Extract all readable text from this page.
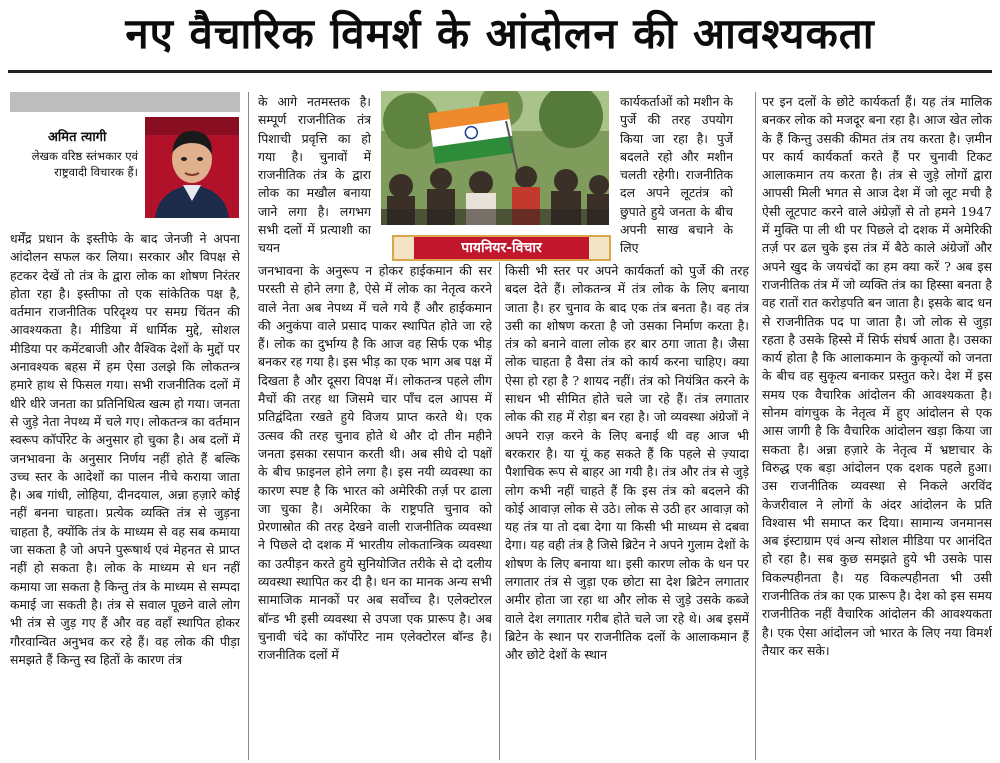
नए वैचारिक विमर्श के आंदोलन की आवश्यकता
अमित त्यागी
लेखक वरिष्ठ स्तंभकार एवं राष्ट्रवादी विचारक हैं।
पायनियर-विचार

धर्मेंद्र प्रधान के इस्तीफे के बाद जेनजी ने अपना आंदोलन सफल कर लिया। सरकार और विपक्ष से हटकर देखें तो तंत्र के द्वारा लोक का शोषण निरंतर होता रहा है। इस्तीफा तो एक सांकेतिक पक्ष है, वर्तमान राजनीतिक परिदृश्य पर समग्र चिंतन की आवश्यकता है। मीडिया में धार्मिक मुद्दे, सोशल मीडिया पर कमेंटबाजी और वैश्विक देशों के मुद्दों पर अनावश्यक बहस में हम ऐसा उलझे कि लोकतन्त्र हमारे हाथ से फिसल गया। सभी राजनीतिक दलों में धीरे धीरे जनता का प्रतिनिधित्व खत्म हो गया। जनता से जुड़े नेता नेपथ्य में चले गए। लोकतन्त्र का वर्तमान स्वरूप कॉर्पोरेट के अनुसार हो चुका है। अब दलों में जनभावना के अनुसार निर्णय नहीं होते हैं बल्कि उच्च स्तर के आदेशों का पालन नीचे कराया जाता है। अब गांधी, लोहिया, दीनदयाल, अन्ना हज़ारे कोई नहीं बनना चाहता। प्रत्येक व्यक्ति तंत्र से जुड़ना चाहता है, क्योंकि तंत्र के माध्यम से वह सब कमाया जा सकता है जो अपने पुरूषार्थ एवं मेहनत से प्राप्त नहीं हो सकता है। लोक के माध्यम से धन नहीं कमाया जा सकता है किन्तु तंत्र के माध्यम से सम्पदा कमाई जा सकती है। तंत्र से सवाल पूछने वाले लोग भी तंत्र से जुड़ गए हैं और वह वहाँ स्थापित होकर गौरवान्वित अनुभव कर रहे हैं। वह लोक की पीड़ा समझते हैं किन्तु स्व हितों के कारण तंत्र

के आगे नतमस्तक है। सम्पूर्ण राजनीतिक तंत्र पिशाची प्रवृत्ति का हो गया है। चुनावों में राजनीतिक तंत्र के द्वारा लोक का मखौल बनाया जाने लगा है। लगभग सभी दलों में प्रत्याशी का चयन

जनभावना के अनुरूप न होकर हाईकमान की सर परस्ती से होने लगा है, ऐसे में लोक का नेतृत्व करने वाले नेता अब नेपथ्य में चले गये हैं और हाईकमान की अनुकंपा वाले प्रसाद पाकर स्थापित होते जा रहे हैं। लोक का दुर्भाग्य है कि आज वह सिर्फ एक भीड़ बनकर रह गया है। इस भीड़ का एक भाग अब पक्ष में दिखता है और दूसरा विपक्ष में। लोकतन्त्र पहले लीग मैचों की तरह था जिसमे चार पाँच दल आपस में प्रतिद्वंदिता रखते हुये विजय प्राप्त करते थे। एक उत्सव की तरह चुनाव होते थे और दो तीन महीने जनता इसका रसपान करती थी। अब सीधे दो पक्षों के बीच फ़ाइनल होने लगा है। इस नयी व्यवस्था का कारण स्पष्ट है कि भारत को अमेरिकी तर्ज़ पर ढाला जा चुका है। अमेरिका के राष्ट्रपति चुनाव को प्रेरणास्रोत की तरह देखने वाली राजनीतिक व्यवस्था ने पिछले दो दशक में भारतीय लोकतान्त्रिक व्यवस्था का उत्पीड़न करते हुये सुनियोजित तरीके से दो दलीय व्यवस्था स्थापित कर दी है। धन का मानक अन्य सभी सामाजिक मानकों पर अब सर्वोच्च है। एलेक्टोरल बॉन्ड भी इसी व्यवस्था से उपजा एक प्रारूप है। अब चुनावी चंदे का कॉर्पोरेट नाम एलेक्टोरल बॉन्ड है। राजनीतिक दलों में

कार्यकर्ताओं को मशीन के पुर्जे की तरह उपयोग किया जा रहा है। पुर्जे बदलते रहो और मशीन चलती रहेगी। राजनीतिक दल अपने लूटतंत्र को छुपाते हुये जनता के बीच अपनी साख बचाने के लिए

किसी भी स्तर पर अपने कार्यकर्ता को पुर्जे की तरह बदल देते हैं। लोकतन्त्र में तंत्र लोक के लिए बनाया जाता है। हर चुनाव के बाद एक तंत्र बनता है। वह तंत्र उसी का शोषण करता है जो उसका निर्माण करता है। तंत्र को बनाने वाला लोक हर बार ठगा जाता है। जैसा लोक चाहता है वैसा तंत्र को कार्य करना चाहिए। क्या ऐसा हो रहा है ? शायद नहीं। तंत्र को नियंत्रित करने के साधन भी सीमित होते चले जा रहे हैं। तंत्र लगातार लोक की राह में रोड़ा बन रहा है। जो व्यवस्था अंग्रेजों ने अपने राज़ करने के लिए बनाई थी वह आज भी बरकरार है। या यूं कह सकते हैं कि पहले से ज़्यादा पैशाचिक रूप से बाहर आ गयी है। तंत्र और तंत्र से जुड़े लोग कभी नहीं चाहते हैं कि इस तंत्र को बदलने की कोई आवाज़ लोक से उठे। लोक से उठी हर आवाज़ को यह तंत्र या तो दबा देगा या किसी भी माध्यम से दबवा देगा। यह वही तंत्र है जिसे ब्रिटेन ने अपने गुलाम देशों के शोषण के लिए बनाया था। इसी कारण लोक के धन पर लगातार तंत्र से जुड़ा एक छोटा सा देश ब्रिटेन लगातार अमीर होता जा रहा था और लोक से जुड़े उसके कब्जे वाले देश लगातार गरीब होते चले जा रहे थे। अब इसमें ब्रिटेन के स्थान पर राजनीतिक दलों के आलाकमान हैं और छोटे देशों के स्थान

पर इन दलों के छोटे कार्यकर्ता हैं। यह तंत्र मालिक बनकर लोक को मजदूर बना रहा है। आज खेत लोक के हैं किन्तु उसकी कीमत तंत्र तय करता है। ज़मीन पर कार्य कार्यकर्ता करते हैं पर चुनावी टिकट आलाकमान तय करता है। तंत्र से जुड़े लोगों द्वारा आपसी मिली भगत से आज देश में जो लूट मची है ऐसी लूटपाट करने वाले अंग्रेज़ों से तो हमने 1947 में मुक्ति पा ली थी पर पिछले दो दशक में अमेरिकी तर्ज़ पर ढल चुके इस तंत्र में बैठे काले अंग्रेजों और अपने खुद के जयचंदों का हम क्या करें ? अब इस राजनीतिक तंत्र में जो व्यक्ति तंत्र का हिस्सा बनता है वह रातों रात करोड़पति बन जाता है। इसके बाद धन से राजनीतिक पद पा जाता है। जो लोक से जुड़ा रहता है उसके हिस्से में सिर्फ संघर्ष आता है। उसका कार्य होता है कि आलाकमान के कुकृत्यों को जनता के बीच वह सुकृत्य बनाकर प्रस्तुत करे। देश में इस समय एक वैचारिक आंदोलन की आवश्यकता है। सोनम वांगचुक के नेतृत्व में हुए आंदोलन से एक आस जागी है कि वैचारिक आंदोलन खड़ा किया जा सकता है। अन्ना हज़ारे के नेतृत्व में भ्रष्टाचार के विरुद्ध एक बड़ा आंदोलन एक दशक पहले हुआ। उस राजनीतिक व्यवस्था से निकले अरविंद केजरीवाल ने लोगों के अंदर आंदोलन के प्रति विश्वास भी समाप्त कर दिया। सामान्य जनमानस अब इंस्टाग्राम एवं अन्य सोशल मीडिया पर आनंदित हो रहा है। सब कुछ समझते हुये भी उसके पास विकल्पहीनता है। यह विकल्पहीनता भी उसी राजनीतिक तंत्र का एक प्रारूप है। देश को इस समय राजनीतिक नहीं वैचारिक आंदोलन की आवश्यकता है। एक ऐसा आंदोलन जो भारत के लिए नया विमर्श तैयार कर सके।
